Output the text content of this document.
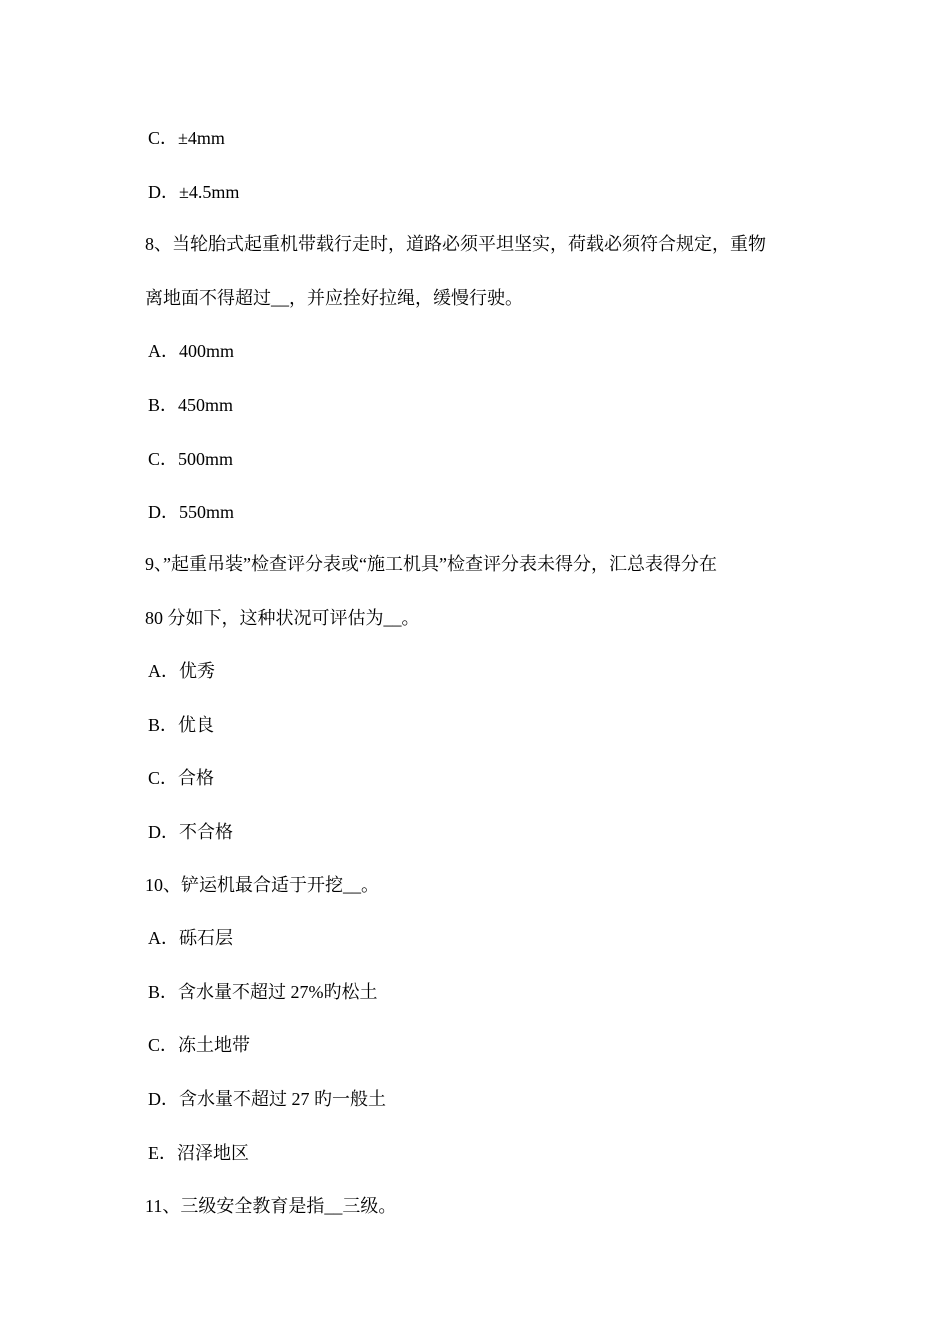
C．±4mm
D．±4.5mm
8、当轮胎式起重机带载行走时，道路必须平坦坚实，荷载必须符合规定，重物
离地面不得超过__，并应拴好拉绳，缓慢行驶。
A．400mm
B．450mm
C．500mm
D．550mm
9、”起重吊装”检查评分表或“施工机具”检查评分表未得分，汇总表得分在
80 分如下，这种状况可评估为__。
A．优秀
B．优良
C．合格
D．不合格
10、铲运机最合适于开挖__。
A．砾石层
B．含水量不超过 27%旳松土
C．冻土地带
D．含水量不超过 27 旳一般土
E．沼泽地区
11、三级安全教育是指__三级。
